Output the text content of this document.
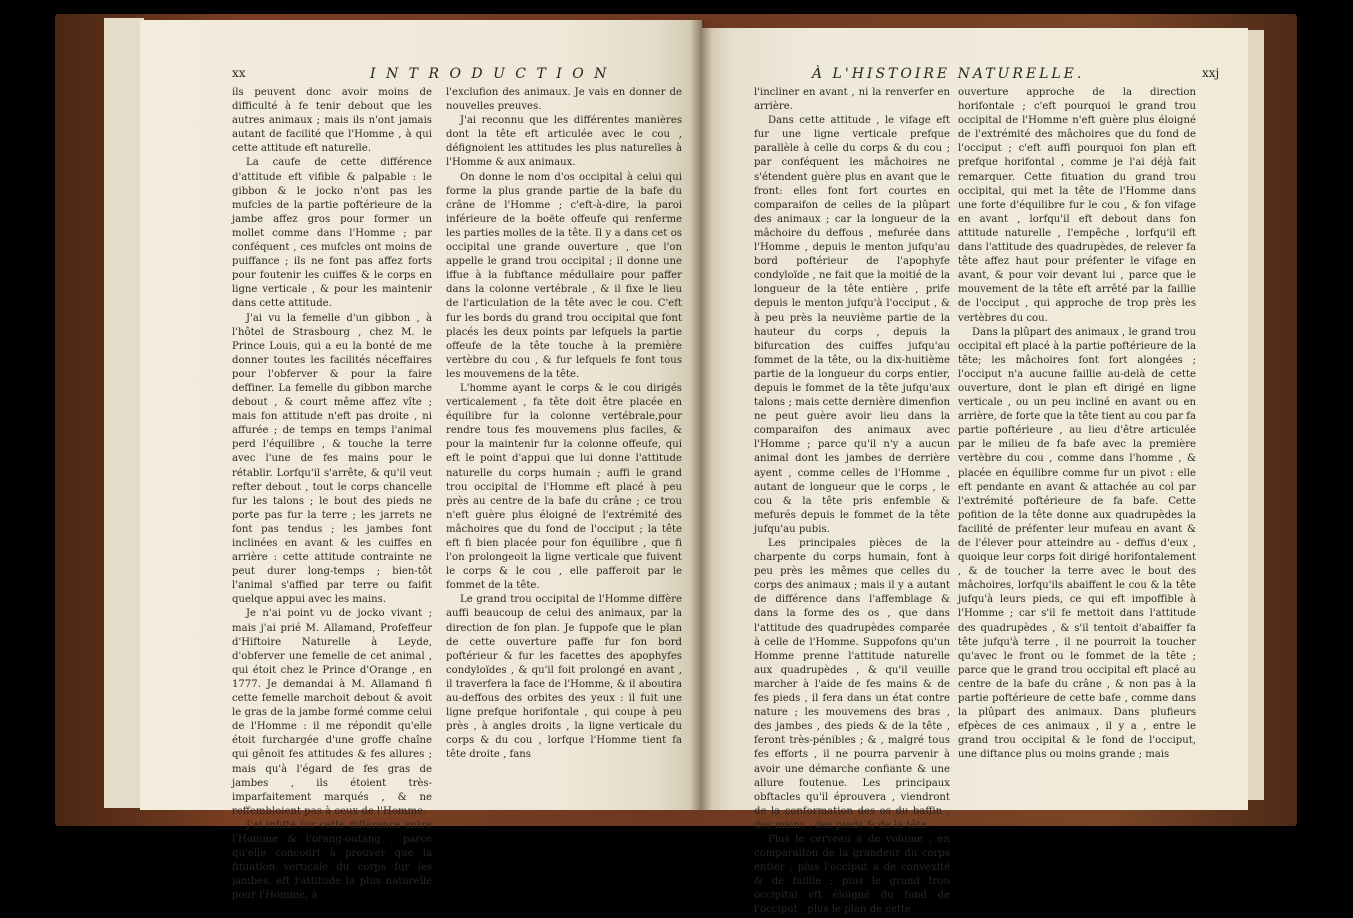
xx	I N T R O D U C T I O N	À L'HISTOIRE NATURELLE.	xxj

ils peuvent donc avoir moins de difficulté à fe tenir debout que les autres animaux ; mais ils n'ont jamais autant de facilité que l'Homme , à qui cette attitude eft naturelle.

La caufe de cette différence d'attitude eft vifible & palpable : le gibbon & le jocko n'ont pas les mufcles de la partie poftérieure de la jambe affez gros pour former un mollet comme dans l'Homme ; par conféquent , ces mufcles ont moins de puiffance ; ils ne font pas affez forts pour foutenir les cuiffes & le corps en ligne verticale , & pour les maintenir dans cette attitude.

J'ai vu la femelle d'un gibbon , à l'hôtel de Strasbourg , chez M. le Prince Louis, qui a eu la bonté de me donner toutes les facilités néceffaires pour l'obferver & pour la faire deffiner. La femelle du gibbon marche debout , & court même affez vîte ; mais fon attitude n'eft pas droite , ni affurée ; de temps en temps l'animal perd l'équilibre , & touche la terre avec l'une de fes mains pour le rétablir. Lorfqu'il s'arrête, & qu'il veut refter debout , tout le corps chancelle fur les talons ; le bout des pieds ne porte pas fur la terre ; les jarrets ne font pas tendus ; les jambes font inclinées en avant & les cuiffes en arrière : cette attitude contrainte ne peut durer long-temps ; bien-tôt l'animal s'affied par terre ou faifit quelque appui avec les mains.

Je n'ai point vu de jocko vivant ; mais j'ai prié M. Allamand, Profeffeur d'Hiftoire Naturelle à Leyde, d'obferver une femelle de cet animal , qui étoit chez le Prince d'Orange , en 1777. Je demandai à M. Allamand fi cette femelle marchoit debout & avoit le gras de la jambe formé comme celui de l'Homme : il me répondit qu'elle étoit furchargée d'une groffe chaîne qui gênoit fes attitudes & fes allures ; mais qu'à l'égard de fes gras de jambes , ils étoient très-imparfaitement marqués , & ne reffembloient pas à ceux de l'Homme.

J'ai infifté fur cette différence entre l'Homme & l'orang-outang , parce qu'elle concourt à prouver que la fituation verticale du corps fur les jambes, eft l'attitude la plus naturelle pour l'Homme, à

l'exclufion des animaux. Je vais en donner de nouvelles preuves.

J'ai reconnu que les différentes manières dont la tête eft articulée avec le cou , défignoient les attitudes les plus naturelles à l'Homme & aux animaux.

On donne le nom d'os occipital à celui qui forme la plus grande partie de la bafe du crâne de l'Homme ; c'eft-à-dire, la paroi inférieure de la boëte offeufe qui renferme les parties molles de la tête. Il y a dans cet os occipital une grande ouverture , que l'on appelle le grand trou occipital ; il donne une iffue à la fubftance médullaire pour paffer dans la colonne vertébrale , & il fixe le lieu de l'articulation de la tête avec le cou. C'eft fur les bords du grand trou occipital que font placés les deux points par lefquels la partie offeufe de la tête touche à la première vertèbre du cou , & fur lefquels fe font tous les mouvemens de la tête.

L'homme ayant le corps & le cou dirigés verticalement , fa tête doit être placée en équilibre fur la colonne vertébrale,pour rendre tous fes mouvemens plus faciles, & pour la maintenir fur la colonne offeufe, qui eft le point d'appui que lui donne l'attitude naturelle du corps humain ; auffi le grand trou occipital de l'Homme eft placé à peu près au centre de la bafe du crâne ; ce trou n'eft guère plus éloigné de l'extrémité des mâchoires que du fond de l'occiput ; la tête eft fi bien placée pour fon équilibre , que fi l'on prolongeoit la ligne verticale que fuivent le corps & le cou , elle pafferoit par le fommet de la tête.

Le grand trou occipital de l'Homme diffère auffi beaucoup de celui des animaux, par la direction de fon plan. Je fuppofe que le plan de cette ouverture paffe fur fon bord poftérieur & fur les facettes des apophyfes condyloïdes , & qu'il foit prolongé en avant , il traverfera la face de l'Homme, & il aboutira au-deffous des orbites des yeux : il fuit une ligne prefque horifontale , qui coupe à peu près , à angles droits , la ligne verticale du corps & du cou , lorfque l'Homme tient fa tête droite , fans

l'incliner en avant , ni la renverfer en arrière.

Dans cette attitude , le vifage eft fur une ligne verticale prefque parallèle à celle du corps & du cou ; par conféquent les mâchoires ne s'étendent guère plus en avant que le front: elles font fort courtes en comparaifon de celles de la plûpart des animaux ; car la longueur de la mâchoire du deffous , mefurée dans l'Homme , depuis le menton jufqu'au bord poftérieur de l'apophyfe condyloïde , ne fait que la moitié de la longueur de la tête entière , prife depuis le menton jufqu'à l'occiput , & à peu près la neuvième partie de la hauteur du corps , depuis la bifurcation des cuiffes jufqu'au fommet de la tête, ou la dix-huitième partie de la longueur du corps entier, depuis le fommet de la tête jufqu'aux talons ; mais cette dernière dimenfion ne peut guère avoir lieu dans la comparaifon des animaux avec l'Homme ; parce qu'il n'y a aucun animal dont les jambes de derrière ayent , comme celles de l'Homme , autant de longueur que le corps , le cou & la tête pris enfemble & mefurés depuis le fommet de la tête jufqu'au pubis.

Les principales pièces de la charpente du corps humain, font à peu près les mêmes que celles du corps des animaux ; mais il y a autant de différence dans l'affemblage & dans la forme des os , que dans l'attitude des quadrupèdes comparée à celle de l'Homme. Suppofons qu'un Homme prenne l'attitude naturelle aux quadrupèdes , & qu'il veuille marcher à l'aide de fes mains & de fes pieds , il fera dans un état contre nature ; les mouvemens des bras , des jambes , des pieds & de la tête , feront très-pénibles ; & , malgré tous fes efforts , il ne pourra parvenir à avoir une démarche confiante & une allure foutenue. Les principaux obftacles qu'il éprouvera , viendront de la conformation des os du baffin , des mains , des pieds & de la tête.

Plus le cerveau a de volume , en comparaifon de la grandeur du corps entier , plus l'occiput a de convexité & de faillie ; plus le grand trou occipital eft éloigné du fond de l'occiput , plus le plan de cette

ouverture approche de la direction horifontale ; c'eft pourquoi le grand trou occipital de l'Homme n'eft guère plus éloigné de l'extrémité des mâchoires que du fond de l'occiput ; c'eft auffi pourquoi fon plan eft prefque horifontal , comme je l'ai déjà fait remarquer. Cette fituation du grand trou occipital, qui met la tête de l'Homme dans une forte d'équilibre fur le cou , & fon vifage en avant , lorfqu'il eft debout dans fon attitude naturelle , l'empêche , lorfqu'il eft dans l'attitude des quadrupèdes, de relever fa tête affez haut pour préfenter le vifage en avant, & pour voir devant lui , parce que le mouvement de la tête eft arrêté par la faillie de l'occiput , qui approche de trop près les vertèbres du cou.

Dans la plûpart des animaux , le grand trou occipital eft placé à la partie poftérieure de la tête; les mâchoires font fort alongées ; l'occiput n'a aucune faillie au-delà de cette ouverture, dont le plan eft dirigé en ligne verticale , ou un peu incliné en avant ou en arrière, de forte que la tête tient au cou par fa partie poftérieure , au lieu d'être articulée par le milieu de fa bafe avec la première vertèbre du cou , comme dans l'homme , & placée en équilibre comme fur un pivot : elle eft pendante en avant & attachée au col par l'extrémité poftérieure de fa bafe. Cette pofition de la tête donne aux quadrupèdes la facilité de préfenter leur mufeau en avant & de l'élever pour atteindre au - deffus d'eux , quoique leur corps foit dirigé horifontalement , & de toucher la terre avec le bout des mâchoires, lorfqu'ils abaiffent le cou & la tête jufqu'à leurs pieds, ce qui eft impoffible à l'Homme ; car s'il fe mettoit dans l'attitude des quadrupèdes , & s'il tentoit d'abaiffer fa tête jufqu'à terre , il ne pourroit la toucher qu'avec le front ou le fommet de la tête ; parce que le grand trou occipital eft placé au centre de la bafe du crâne , & non pas à la partie poftérieure de cette bafe , comme dans la plûpart des animaux. Dans plufieurs efpèces de ces animaux , il y a , entre le grand trou occipital & le fond de l'occiput, une diftance plus ou moins grande ; mais
